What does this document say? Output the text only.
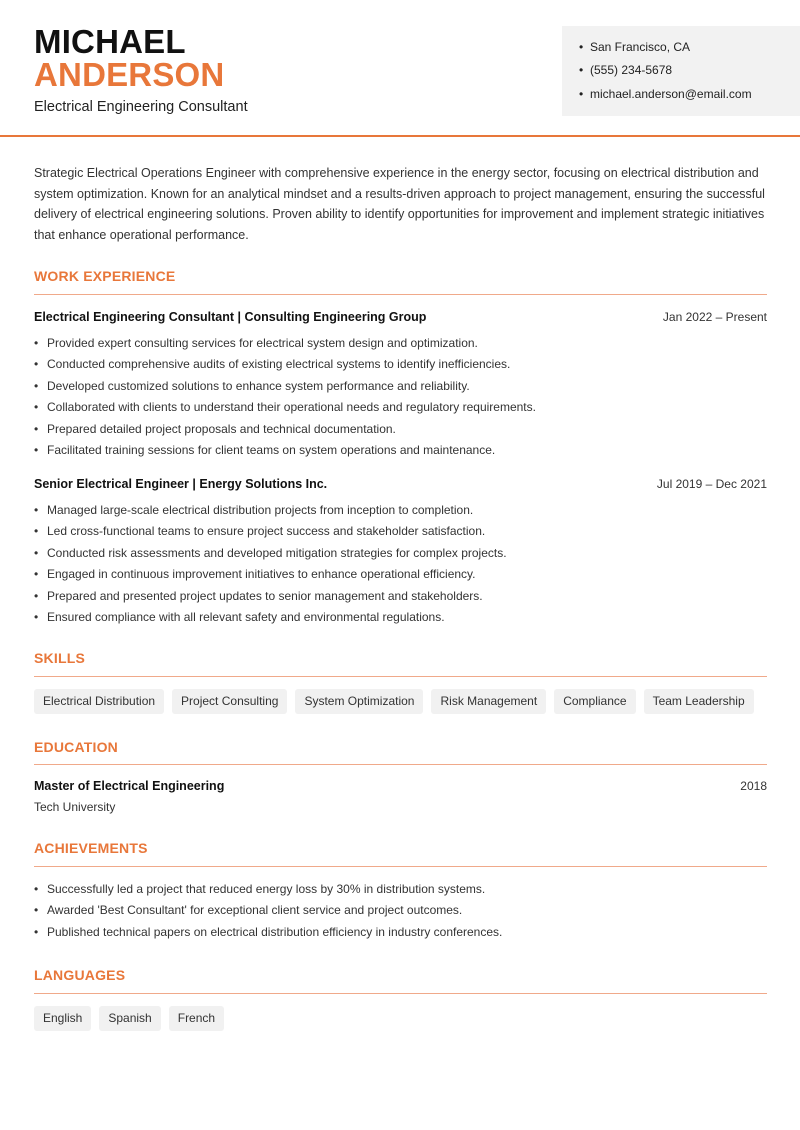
MICHAEL
ANDERSON
Electrical Engineering Consultant
• San Francisco, CA
• (555) 234-5678
• michael.anderson@email.com
Strategic Electrical Operations Engineer with comprehensive experience in the energy sector, focusing on electrical distribution and system optimization. Known for an analytical mindset and a results-driven approach to project management, ensuring the successful delivery of electrical engineering solutions. Proven ability to identify opportunities for improvement and implement strategic initiatives that enhance operational performance.
WORK EXPERIENCE
Electrical Engineering Consultant | Consulting Engineering Group	Jan 2022 – Present
• Provided expert consulting services for electrical system design and optimization.
• Conducted comprehensive audits of existing electrical systems to identify inefficiencies.
• Developed customized solutions to enhance system performance and reliability.
• Collaborated with clients to understand their operational needs and regulatory requirements.
• Prepared detailed project proposals and technical documentation.
• Facilitated training sessions for client teams on system operations and maintenance.
Senior Electrical Engineer | Energy Solutions Inc.	Jul 2019 – Dec 2021
• Managed large-scale electrical distribution projects from inception to completion.
• Led cross-functional teams to ensure project success and stakeholder satisfaction.
• Conducted risk assessments and developed mitigation strategies for complex projects.
• Engaged in continuous improvement initiatives to enhance operational efficiency.
• Prepared and presented project updates to senior management and stakeholders.
• Ensured compliance with all relevant safety and environmental regulations.
SKILLS
Electrical Distribution	Project Consulting	System Optimization	Risk Management	Compliance	Team Leadership
EDUCATION
Master of Electrical Engineering	2018
Tech University
ACHIEVEMENTS
• Successfully led a project that reduced energy loss by 30% in distribution systems.
• Awarded 'Best Consultant' for exceptional client service and project outcomes.
• Published technical papers on electrical distribution efficiency in industry conferences.
LANGUAGES
English	Spanish	French
